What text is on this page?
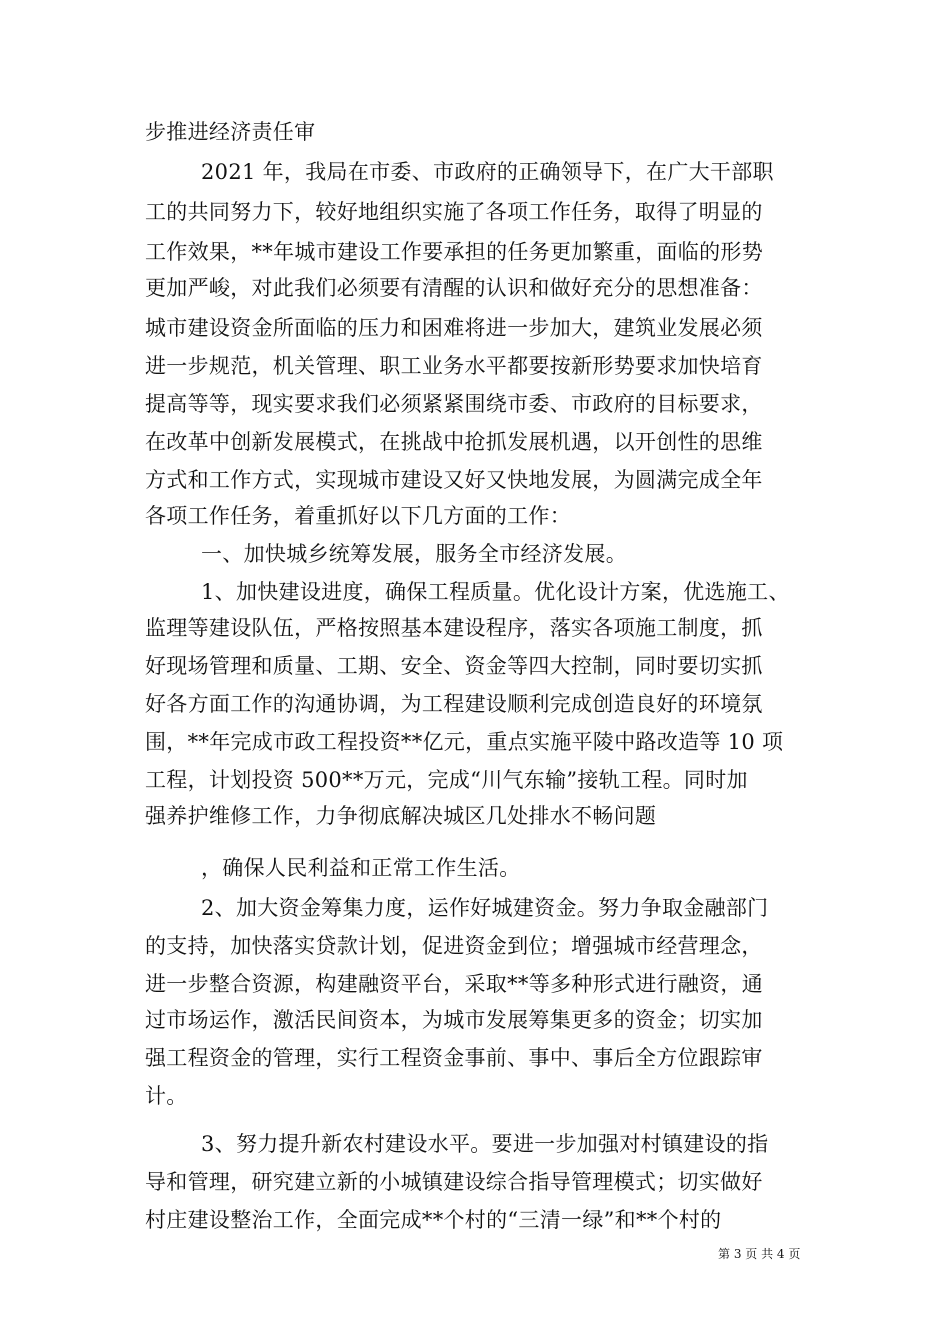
步推进经济责任审
2021 年，我局在市委、市政府的正确领导下，在广大干部职
工的共同努力下，较好地组织实施了各项工作任务，取得了明显的
工作效果，**年城市建设工作要承担的任务更加繁重，面临的形势
更加严峻，对此我们必须要有清醒的认识和做好充分的思想准备：
城市建设资金所面临的压力和困难将进一步加大，建筑业发展必须
进一步规范，机关管理、职工业务水平都要按新形势要求加快培育
提高等等，现实要求我们必须紧紧围绕市委、市政府的目标要求，
在改革中创新发展模式，在挑战中抢抓发展机遇，以开创性的思维
方式和工作方式，实现城市建设又好又快地发展，为圆满完成全年
各项工作任务，着重抓好以下几方面的工作：
一、加快城乡统筹发展，服务全市经济发展。
1、加快建设进度，确保工程质量。优化设计方案，优选施工、
监理等建设队伍，严格按照基本建设程序，落实各项施工制度，抓
好现场管理和质量、工期、安全、资金等四大控制，同时要切实抓
好各方面工作的沟通协调，为工程建设顺利完成创造良好的环境氛
围，**年完成市政工程投资**亿元，重点实施平陵中路改造等 10 项
工程，计划投资 500**万元，完成“川气东输”接轨工程。同时加
强养护维修工作，力争彻底解决城区几处排水不畅问题
，确保人民利益和正常工作生活。
2、加大资金筹集力度，运作好城建资金。努力争取金融部门
的支持，加快落实贷款计划，促进资金到位；增强城市经营理念，
进一步整合资源，构建融资平台，采取**等多种形式进行融资，通
过市场运作，激活民间资本，为城市发展筹集更多的资金；切实加
强工程资金的管理，实行工程资金事前、事中、事后全方位跟踪审
计。
3、努力提升新农村建设水平。要进一步加强对村镇建设的指
导和管理，研究建立新的小城镇建设综合指导管理模式；切实做好
村庄建设整治工作，全面完成**个村的“三清一绿”和**个村的
第 3 页 共 4 页
